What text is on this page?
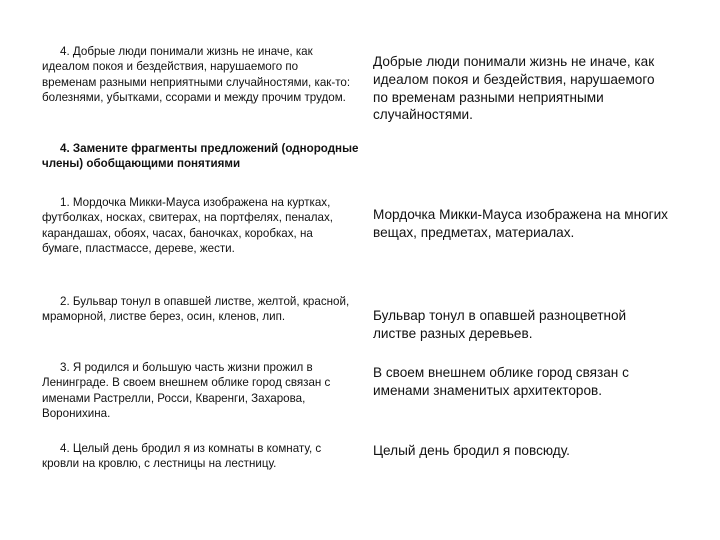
4. Добрые люди понимали жизнь не иначе, как идеалом покоя и бездействия, нарушаемого по временам разными неприятными случайностями, как-то: болезнями, убытками, ссорами и между прочим трудом.

Добрые люди понимали жизнь не иначе, как идеалом покоя и бездействия, нарушаемого по временам разными неприятными случайностями.

4. Замените фрагменты предложений (однородные члены) обобщающими понятиями

1. Мордочка Микки-Мауса изображена на куртках, футболках, носках, свитерах, на портфелях, пеналах, карандашах, обоях, часах, баночках, коробках, на бумаге, пластмассе, дереве, жести.

Мордочка Микки-Мауса изображена на многих вещах, предметах, материалах.

2. Бульвар тонул в опавшей листве, желтой, красной, мраморной, листве берез, осин, кленов, лип.	Бульвар тонул в опавшей разноцветной листве разных деревьев.

3. Я родился и большую часть жизни прожил в Ленинграде. В своем внешнем облике город связан с именами Растрелли, Росси, Кваренги, Захарова, Воронихина.

В своем внешнем облике город связан с именами знаменитых архитекторов.

4. Целый день бродил я из комнаты в комнату, с кровли на кровлю, с лестницы на лестницу.

Целый день бродил я повсюду.
